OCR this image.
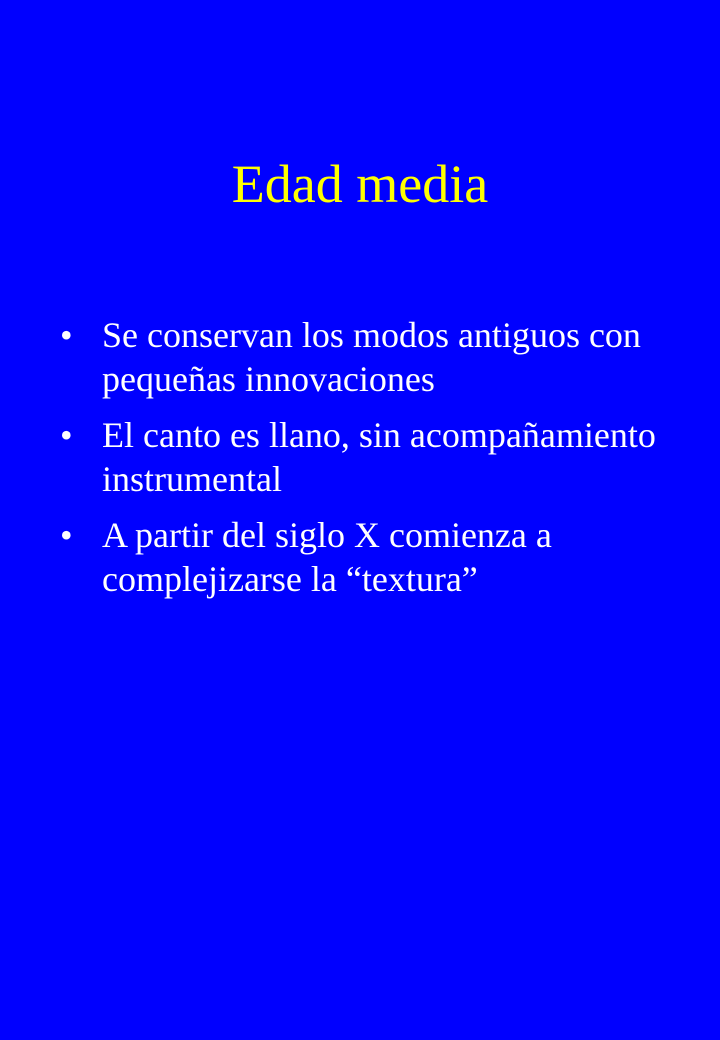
Edad media
• Se conservan los modos antiguos con pequeñas innovaciones
• El canto es llano, sin acompañamiento instrumental
• A partir del siglo X comienza a complejizarse la “textura”
